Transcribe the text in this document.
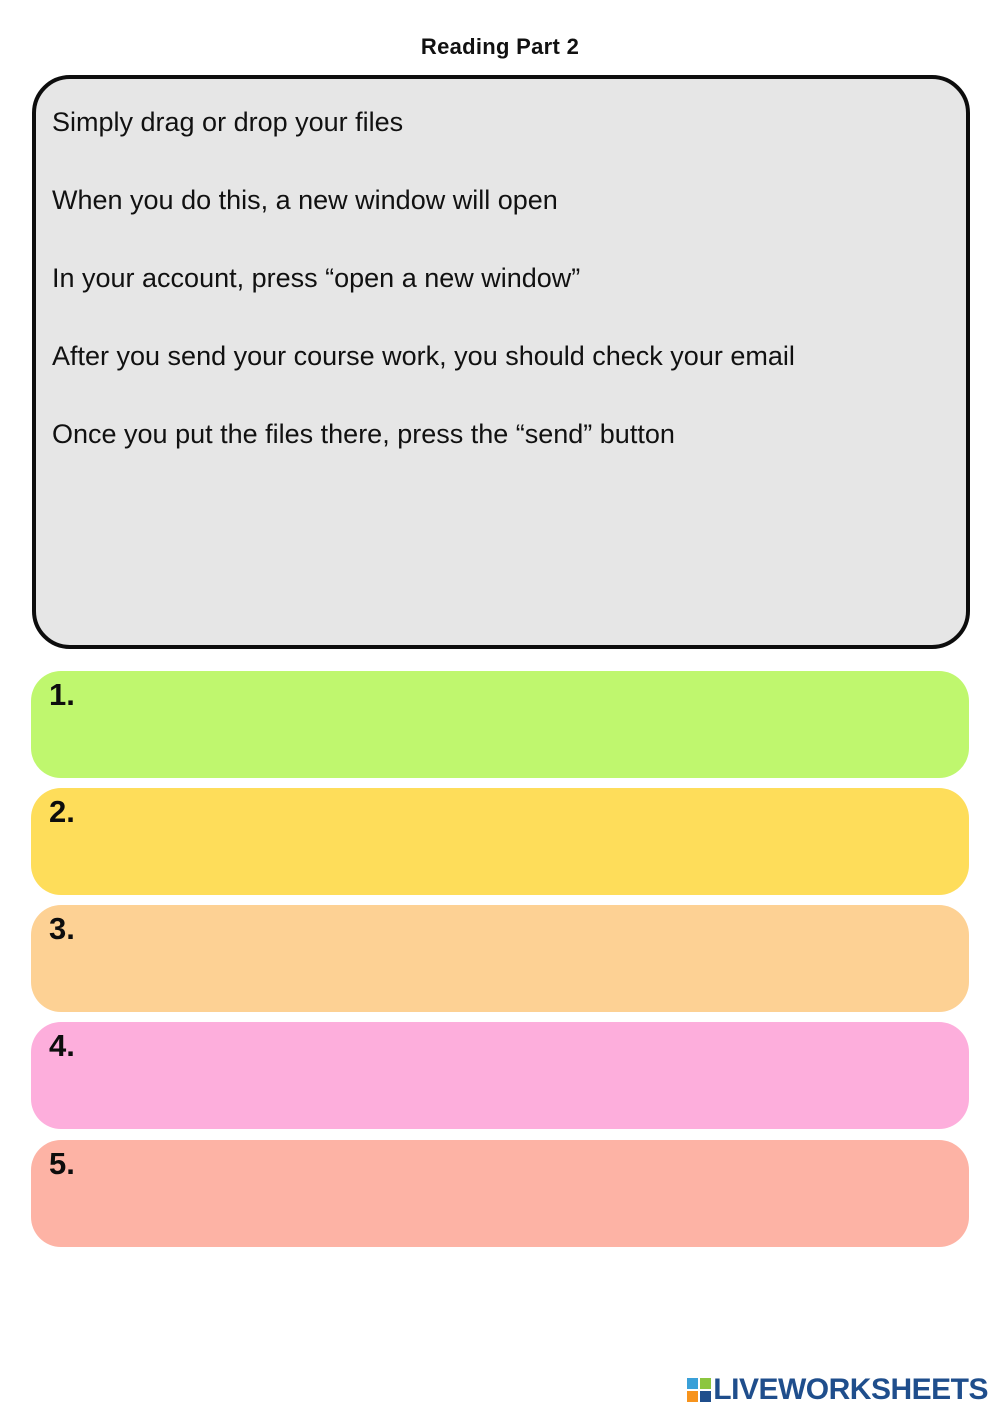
Reading Part 2
Simply drag or drop your files
When you do this, a new window will open
In your account, press “open a new window”
After you send your course work, you should check your email
Once you put the files there, press the “send” button
1.
2.
3.
4.
5.
LIVEWORKSHEETS
